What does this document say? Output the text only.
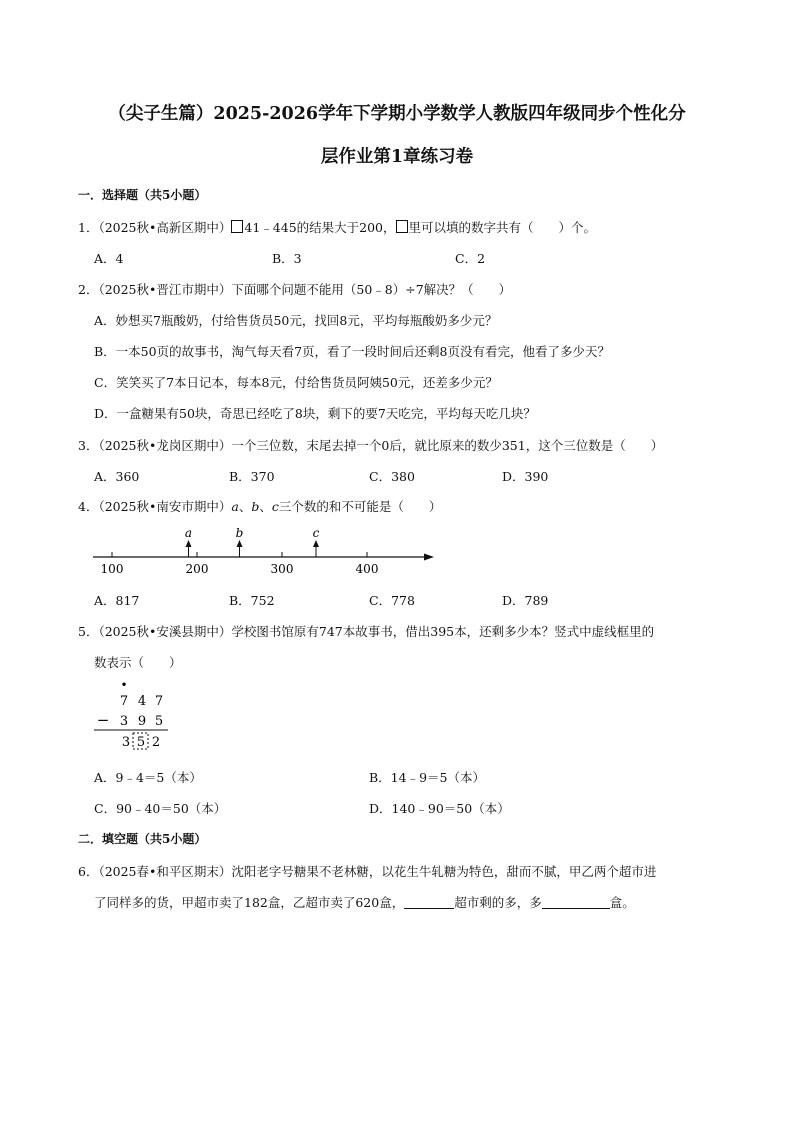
（尖子生篇）2025-2026学年下学期小学数学人教版四年级同步个性化分
层作业第1章练习卷
一．选择题（共5小题）
1．（2025秋•高新区期中） 41﹣445的结果大于200， 里可以填的数字共有（　　）个。
A．4	B．3	C．2
2．（2025秋•晋江市期中）下面哪个问题不能用（50﹣8）÷7解决？（　　）
A．妙想买7瓶酸奶，付给售货员50元，找回8元，平均每瓶酸奶多少元？
B．一本50页的故事书，淘气每天看7页，看了一段时间后还剩8页没有看完，他看了多少天？
C．笑笑买了7本日记本，每本8元，付给售货员阿姨50元，还差多少元？
D．一盒糖果有50块，奇思已经吃了8块，剩下的要7天吃完，平均每天吃几块？
3．（2025秋•龙岗区期中）一个三位数，末尾去掉一个0后，就比原来的数少351，这个三位数是（　　）
A．360	B．370	C．380	D．390
4．（2025秋•南安市期中）a、b、c三个数的和不可能是（　　）
100	200	300	400
a	b	c
A．817	B．752	C．778	D．789
5．（2025秋•安溪县期中）学校图书馆原有747本故事书，借出395本，还剩多少本？竖式中虚线框里的
数表示（　　）
•
7 4 7
− 3 9 5
3 5 2
A．9﹣4＝5（本）	B．14﹣9＝5（本）
C．90﹣40＝50（本）	D．140﹣90＝50（本）
二．填空题（共5小题）
6．（2025春•和平区期末）沈阳老字号糖果不老林糖，以花生牛轧糖为特色，甜而不腻，甲乙两个超市进
了同样多的货，甲超市卖了182盒，乙超市卖了620盒，	超市剩的多，多	盒。
